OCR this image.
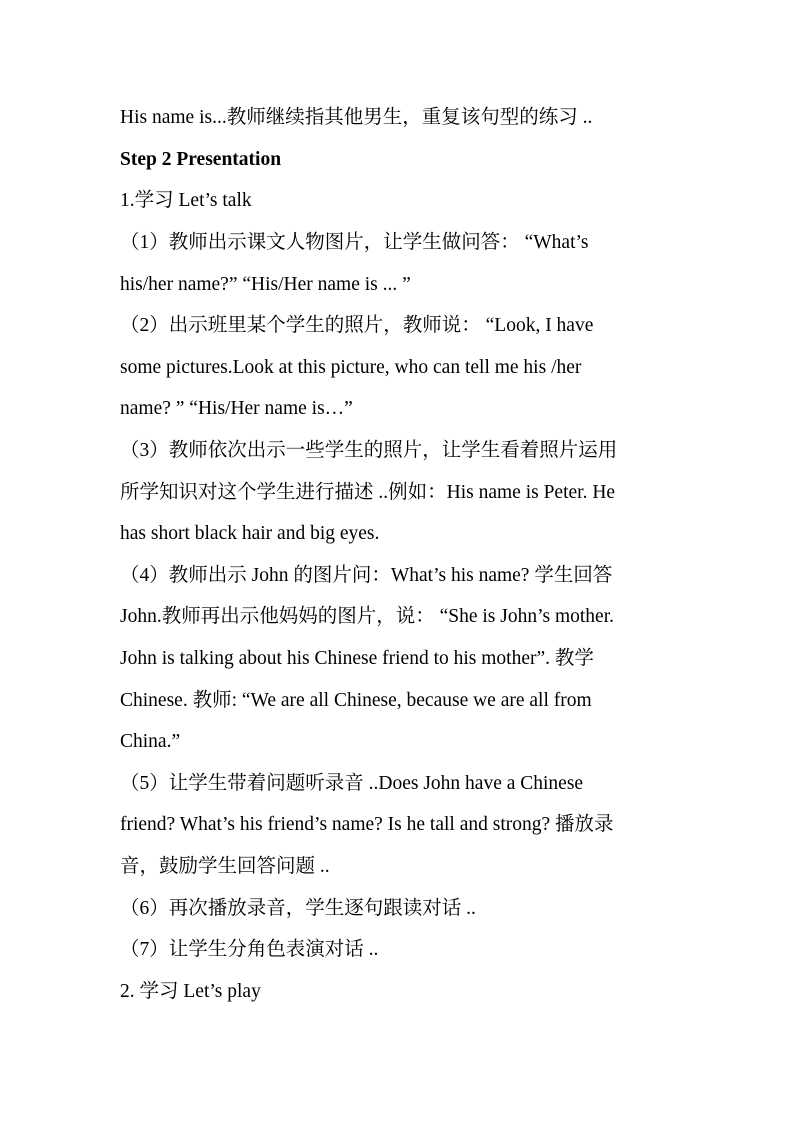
His name is...教师继续指其他男生，重复该句型的练习 ..
Step 2 Presentation
1.学习 Let’s talk
（1）教师出示课文人物图片，让学生做问答： “What’s
his/her name?” “His/Her name is ... ”
（2）出示班里某个学生的照片，教师说： “Look, I have
some pictures.Look at this picture, who can tell me his /her
name? ” “His/Her name is…”
（3）教师依次出示一些学生的照片，让学生看着照片运用
所学知识对这个学生进行描述 ..例如：His name is Peter. He
has short black hair and big eyes.
（4）教师出示 John 的图片问：What’s his name? 学生回答
John.教师再出示他妈妈的图片，说： “She is John’s mother.
John is talking about his Chinese friend to his mother”. 教学
Chinese. 教师: “We are all Chinese, because we are all from
China.”
（5）让学生带着问题听录音 ..Does John have a Chinese
friend? What’s his friend’s name? Is he tall and strong? 播放录
音，鼓励学生回答问题 ..
（6）再次播放录音，学生逐句跟读对话 ..
（7）让学生分角色表演对话 ..
2. 学习 Let’s play
